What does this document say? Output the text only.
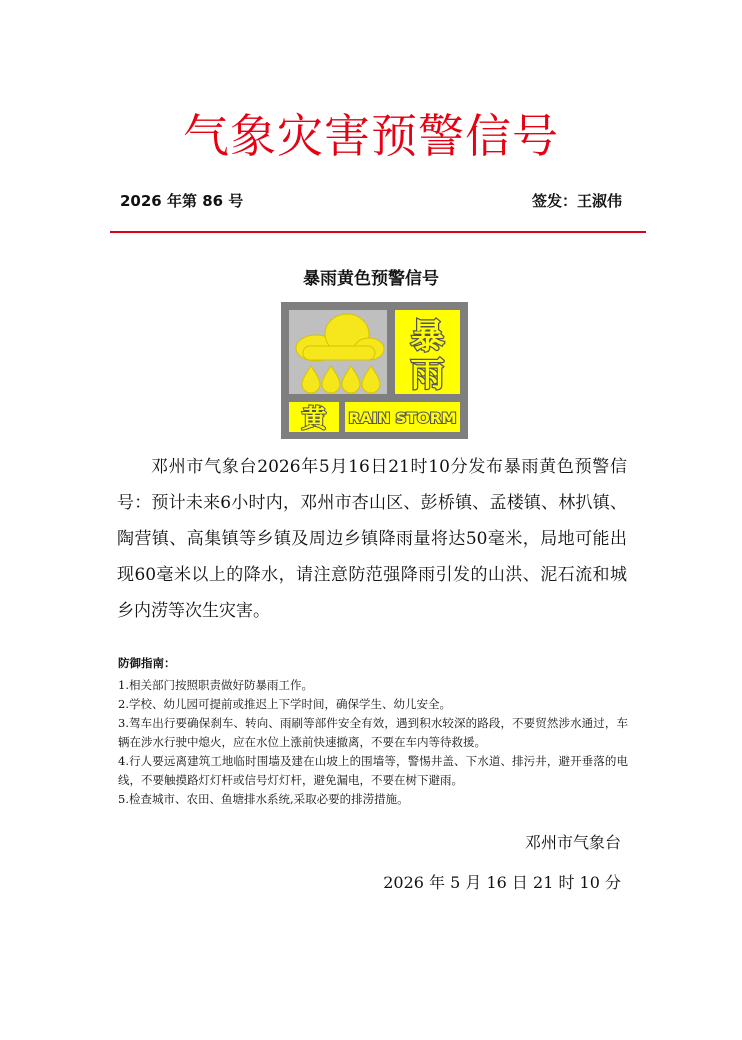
气象灾害预警信号
2026 年第 86 号	签发：王淑伟
暴雨黄色预警信号
暴
雨
黄 RAIN STORM

邓州市气象台2026年5月16日21时10分发布暴雨黄色预警信号：预计未来6小时内，邓州市杏山区、彭桥镇、孟楼镇、林扒镇、陶营镇、高集镇等乡镇及周边乡镇降雨量将达50毫米，局地可能出现60毫米以上的降水，请注意防范强降雨引发的山洪、泥石流和城乡内涝等次生灾害。

防御指南：
1.相关部门按照职责做好防暴雨工作。
2.学校、幼儿园可提前或推迟上下学时间，确保学生、幼儿安全。
3.驾车出行要确保刹车、转向、雨刷等部件安全有效，遇到积水较深的路段，不要贸然涉水通过，车辆在涉水行驶中熄火，应在水位上涨前快速撤离，不要在车内等待救援。
4.行人要远离建筑工地临时围墙及建在山坡上的围墙等，警惕井盖、下水道、排污井，避开垂落的电线，不要触摸路灯灯杆或信号灯灯杆，避免漏电，不要在树下避雨。
5.检查城市、农田、鱼塘排水系统,采取必要的排涝措施。
邓州市气象台
2026 年 5 月 16 日 21 时 10 分
